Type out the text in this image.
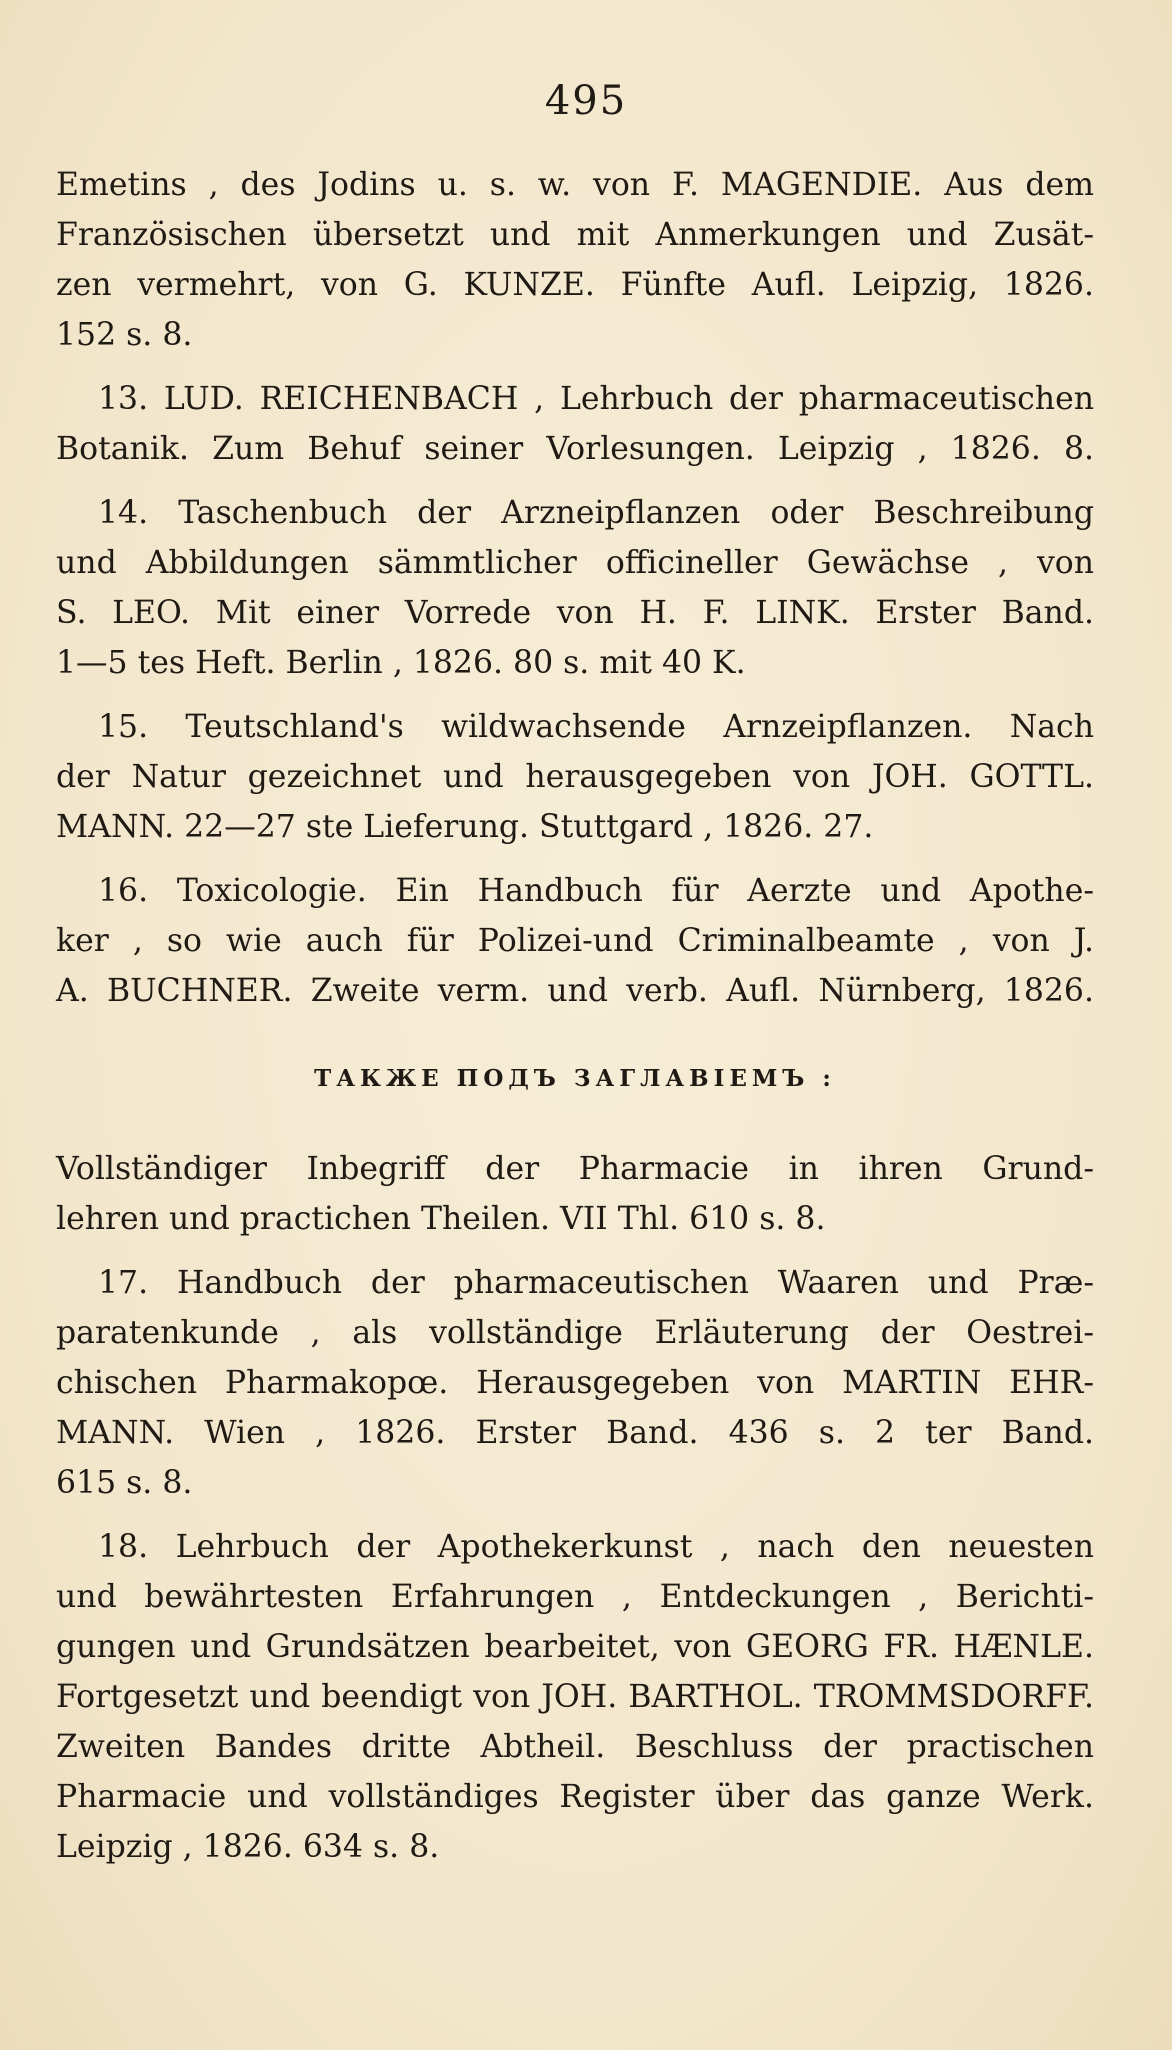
495
Emetins , des Jodins u. s. w. von F. MAGENDIE. Aus dem
Französischen übersetzt und mit Anmerkungen und Zusät-
zen vermehrt, von G. KUNZE. Fünfte Aufl. Leipzig, 1826.
152 s. 8.
13. LUD. REICHENBACH , Lehrbuch der pharmaceutischen
Botanik. Zum Behuf seiner Vorlesungen. Leipzig , 1826. 8.
14. Taschenbuch der Arzneipflanzen oder Beschreibung
und Abbildungen sämmtlicher officineller Gewächse , von
S. LEO. Mit einer Vorrede von H. F. LINK. Erster Band.
1—5 tes Heft. Berlin , 1826. 80 s. mit 40 K.
15. Teutschland's wildwachsende Arnzeipflanzen. Nach
der Natur gezeichnet und herausgegeben von JOH. GOTTL.
MANN. 22—27 ste Lieferung. Stuttgard , 1826. 27.
16. Toxicologie. Ein Handbuch für Aerzte und Apothe-
ker , so wie auch für Polizei-und Criminalbeamte , von J.
A. BUCHNER. Zweite verm. und verb. Aufl. Nürnberg, 1826.
ТАКЖЕ ПОДЪ ЗАГЛАВІЕМЪ :
Vollständiger Inbegriff der Pharmacie in ihren Grund-
lehren und practichen Theilen. VII Thl. 610 s. 8.
17. Handbuch der pharmaceutischen Waaren und Præ-
paratenkunde , als vollständige Erläuterung der Oestrei-
chischen Pharmakopœ. Herausgegeben von MARTIN EHR-
MANN. Wien , 1826. Erster Band. 436 s. 2 ter Band.
615 s. 8.
18. Lehrbuch der Apothekerkunst , nach den neuesten
und bewährtesten Erfahrungen , Entdeckungen , Berichti-
gungen und Grundsätzen bearbeitet, von GEORG FR. HÆNLE.
Fortgesetzt und beendigt von JOH. BARTHOL. TROMMSDORFF.
Zweiten Bandes dritte Abtheil. Beschluss der practischen
Pharmacie und vollständiges Register über das ganze Werk.
Leipzig , 1826. 634 s. 8.
